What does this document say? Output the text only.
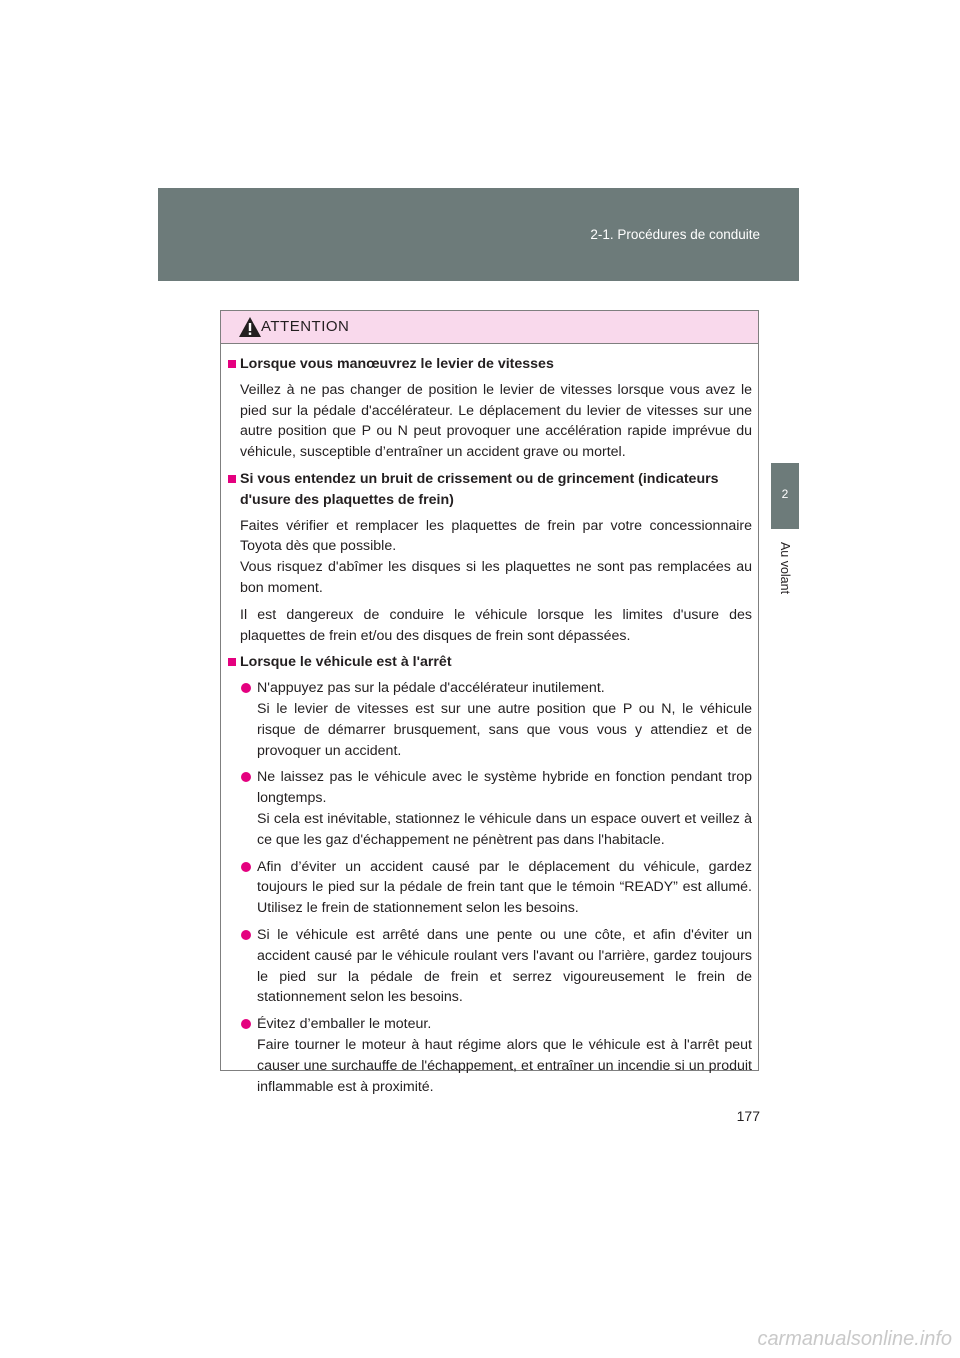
2-1. Procédures de conduite
2
Au volant
ATTENTION
Lorsque vous manœuvrez le levier de vitesses
Veillez à ne pas changer de position le levier de vitesses lorsque vous avez le pied sur la pédale d'accélérateur. Le déplacement du levier de vitesses sur une autre position que P ou N peut provoquer une accélération rapide imprévue du véhicule, susceptible d’entraîner un accident grave ou mortel.
Si vous entendez un bruit de crissement ou de grincement (indicateurs d'usure des plaquettes de frein)
Faites vérifier et remplacer les plaquettes de frein par votre concessionnaire Toyota dès que possible.
Vous risquez d'abîmer les disques si les plaquettes ne sont pas remplacées au bon moment.
Il est dangereux de conduire le véhicule lorsque les limites d'usure des plaquettes de frein et/ou des disques de frein sont dépassées.
Lorsque le véhicule est à l'arrêt
N'appuyez pas sur la pédale d'accélérateur inutilement.
Si le levier de vitesses est sur une autre position que P ou N, le véhicule risque de démarrer brusquement, sans que vous vous y attendiez et de provoquer un accident.
Ne laissez pas le véhicule avec le système hybride en fonction pendant trop longtemps.
Si cela est inévitable, stationnez le véhicule dans un espace ouvert et veillez à ce que les gaz d'échappement ne pénètrent pas dans l'habitacle.
Afin d’éviter un accident causé par le déplacement du véhicule, gardez toujours le pied sur la pédale de frein tant que le témoin “READY” est allumé. Utilisez le frein de stationnement selon les besoins.
Si le véhicule est arrêté dans une pente ou une côte, et afin d'éviter un accident causé par le véhicule roulant vers l'avant ou l'arrière, gardez toujours le pied sur la pédale de frein et serrez vigoureusement le frein de stationnement selon les besoins.
Évitez d’emballer le moteur.
Faire tourner le moteur à haut régime alors que le véhicule est à l'arrêt peut causer une surchauffe de l'échappement, et entraîner un incendie si un produit inflammable est à proximité.
177
carmanualsonline.info
